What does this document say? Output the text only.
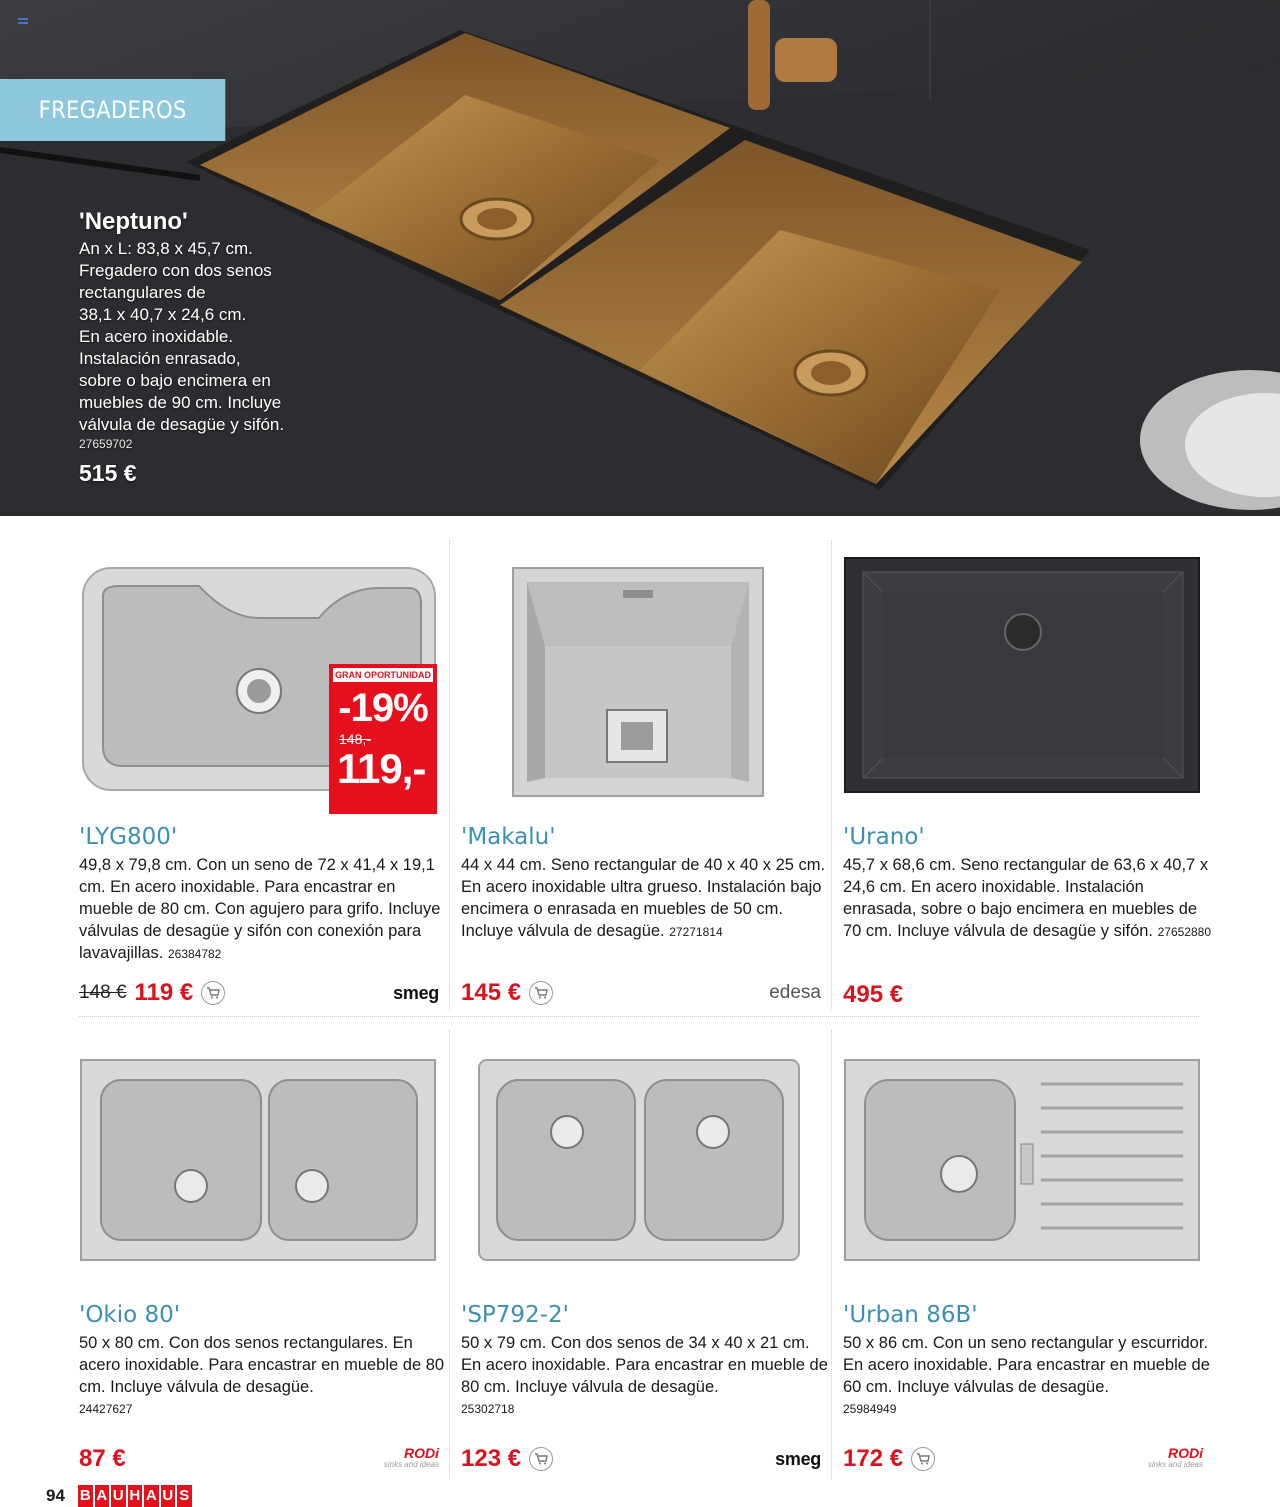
FREGADEROS
'Neptuno'
An x L: 83,8 x 45,7 cm.
Fregadero con dos senos
rectangulares de
38,1 x 40,7 x 24,6 cm.
En acero inoxidable.
Instalación enrasado,
sobre o bajo encimera en
muebles de 90 cm. Incluye
válvula de desagüe y sifón.
27659702
515 €
'LYG800'
49,8 x 79,8 cm. Con un seno de 72 x 41,4 x 19,1 cm. En acero inoxidable. Para encastrar en mueble de 80 cm. Con agujero para grifo. Incluye válvulas de desagüe y sifón con conexión para lavavajillas. 26384782
148 € 119 €	smeg
GRAN OPORTUNIDAD
-19%
148,-
119,-
'Makalu'
44 x 44 cm. Seno rectangular de 40 x 40 x 25 cm. En acero inoxidable ultra grueso. Instalación bajo encimera o enrasada en muebles de 50 cm. Incluye válvula de desagüe. 27271814
145 €	edesa
'Urano'
45,7 x 68,6 cm. Seno rectangular de 63,6 x 40,7 x 24,6 cm. En acero inoxidable. Instalación enrasada, sobre o bajo encimera en muebles de 70 cm. Incluye válvula de desagüe y sifón. 27652880
495 €
'Okio 80'
50 x 80 cm. Con dos senos rectangulares. En acero inoxidable. Para encastrar en mueble de 80 cm. Incluye válvula de desagüe.
24427627
87 €	RODi
sinks and ideas
'SP792-2'
50 x 79 cm. Con dos senos de 34 x 40 x 21 cm. En acero inoxidable. Para encastrar en mueble de 80 cm. Incluye válvula de desagüe.
25302718
123 €	smeg
'Urban 86B'
50 x 86 cm. Con un seno rectangular y escurridor. En acero inoxidable. Para encastrar en mueble de 60 cm. Incluye válvulas de desagüe.
25984949
172 €	RODi
sinks and ideas
94 B A U H A U S
